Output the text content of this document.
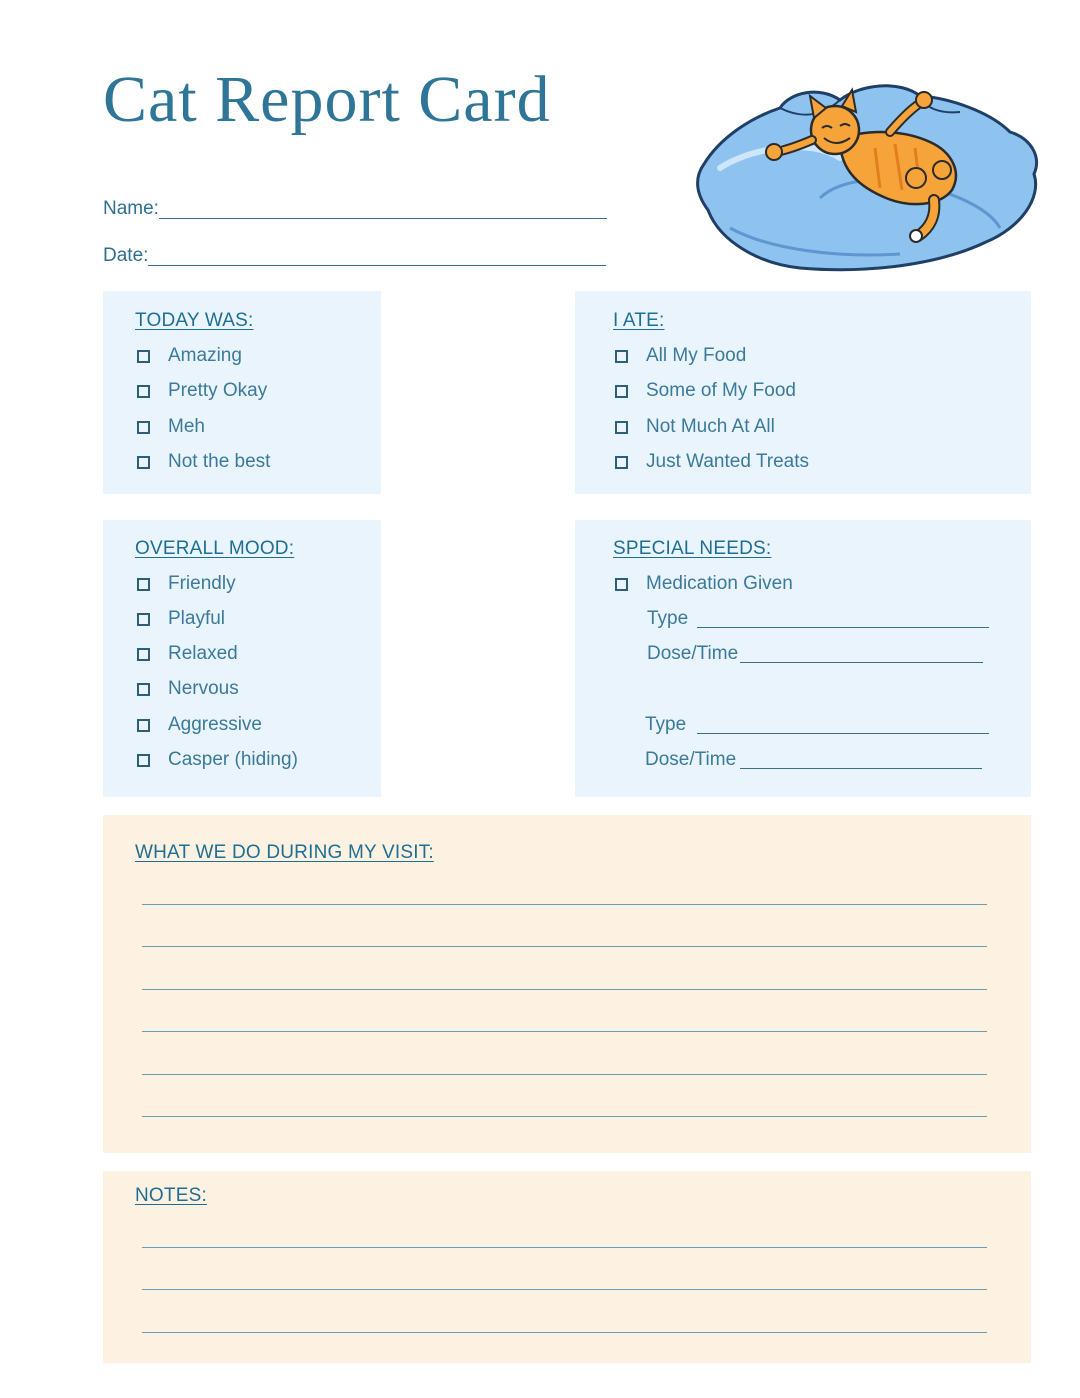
Cat Report Card
Name:
Date:
TODAY WAS:
Amazing
Pretty Okay
Meh
Not the best
I ATE:
All My Food
Some of My Food
Not Much At All
Just Wanted Treats
OVERALL MOOD:
Friendly
Playful
Relaxed
Nervous
Aggressive
Casper (hiding)
SPECIAL NEEDS:
Medication Given
Type
Dose/Time
Type
Dose/Time
WHAT WE DO DURING MY VISIT:
NOTES:
